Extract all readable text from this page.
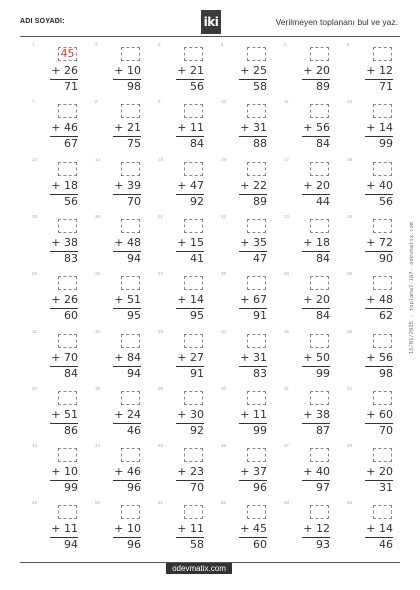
ADI SOYADI:	iki	Verilmeyen toplananı bul ve yaz.
1
45
+ 26
71
2
+ 10
98
3
+ 21
56
4
+ 25
58
5
+ 20
89
6
+ 12
71
7
+ 46
67
8
+ 21
75
9
+ 11
84
10
+ 31
88
11
+ 56
84
12
+ 14
99
13
+ 18
56
14
+ 39
70
15
+ 47
92
16
+ 22
89
17
+ 20
44
18
+ 40
56
19
+ 38
83
20
+ 48
94
21
+ 15
41
22
+ 35
47
23
+ 18
84
24
+ 72
90
25
+ 26
60
26
+ 51
95
27
+ 14
95
28
+ 67
91
29
+ 20
84
30
+ 48
62
31
+ 70
84
32
+ 84
94
33
+ 27
91
34
+ 31
83
35
+ 50
99
36
+ 56
98
37
+ 51
86
38
+ 24
46
39
+ 30
92
40
+ 11
99
41
+ 38
87
42
+ 60
70
43
+ 10
99
44
+ 46
96
45
+ 23
70
46
+ 37
96
47
+ 40
97
48
+ 20
31
49
+ 11
94
50
+ 10
96
51
+ 11
58
52
+ 45
60
53
+ 12
93
54
+ 14
46
odevmatix.com
15/01/2025 - toplama7-167- odevmatix.com
